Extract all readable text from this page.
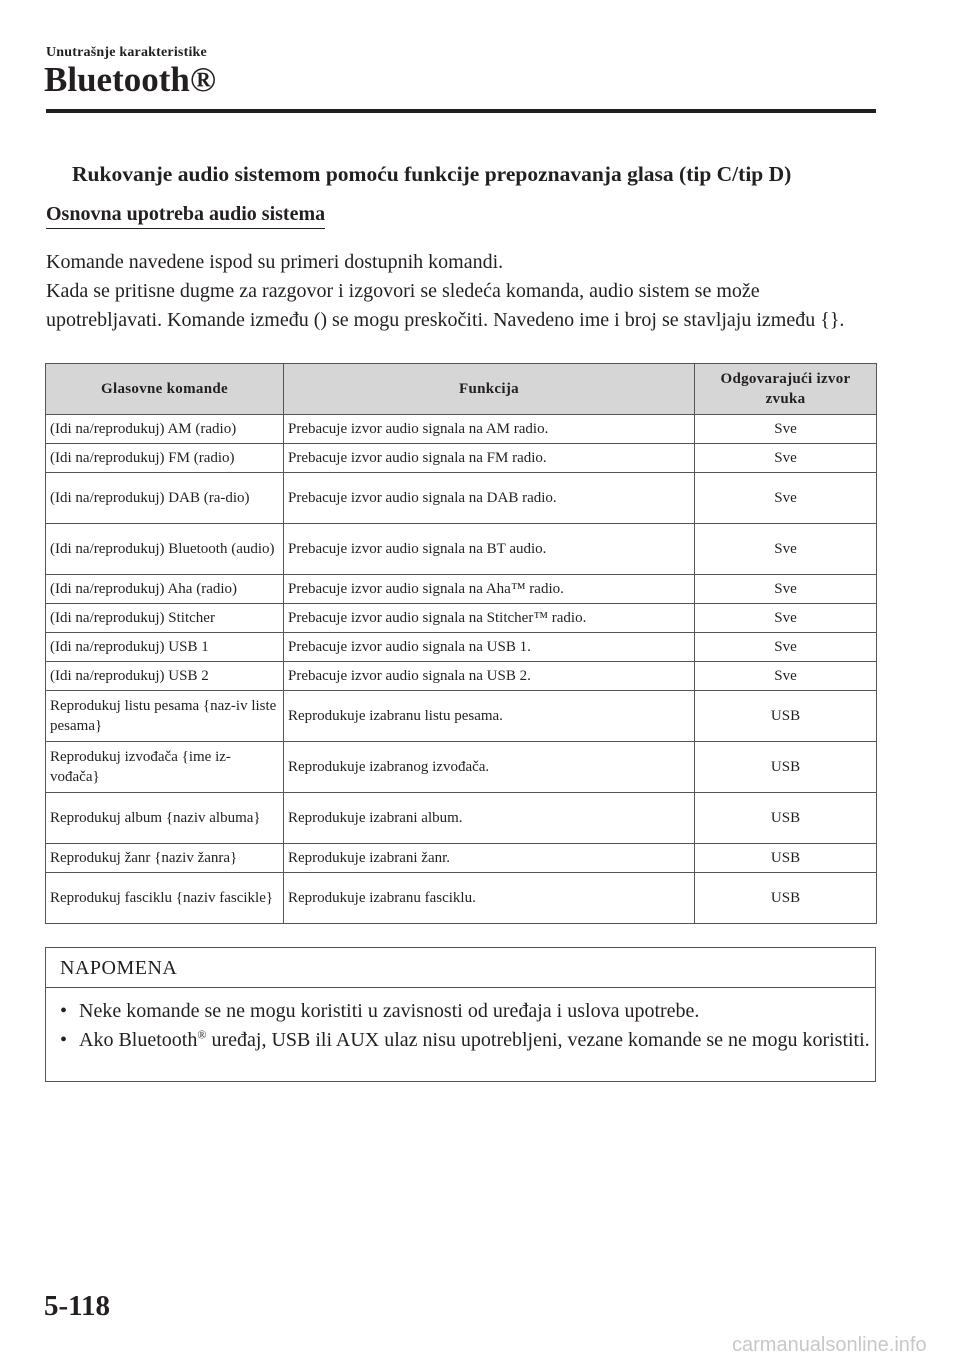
Unutrašnje karakteristike
Bluetooth®
Rukovanje audio sistemom pomoću funkcije prepoznavanja glasa (tip C/tip D)
Osnovna upotreba audio sistema

Komande navedene ispod su primeri dostupnih komandi.

Kada se pritisne dugme za razgovor i izgovori se sledeća komanda, audio sistem se može upotrebljavati. Komande između () se mogu preskočiti. Navedeno ime i broj se stavljaju između {}.

Glasovne komande	Funkcija	Odgovarajući izvor zvuka
(Idi na/reprodukuj) AM (radio)	Prebacuje izvor audio signala na AM radio.	Sve
(Idi na/reprodukuj) FM (radio)	Prebacuje izvor audio signala na FM radio.	Sve
(Idi na/reprodukuj) DAB (ra-dio)	Prebacuje izvor audio signala na DAB radio.	Sve
(Idi na/reprodukuj) Bluetooth (audio)	Prebacuje izvor audio signala na BT audio.	Sve
(Idi na/reprodukuj) Aha (radio)	Prebacuje izvor audio signala na Aha™ radio.	Sve
(Idi na/reprodukuj) Stitcher	Prebacuje izvor audio signala na Stitcher™ radio.	Sve
(Idi na/reprodukuj) USB 1	Prebacuje izvor audio signala na USB 1.	Sve
(Idi na/reprodukuj) USB 2	Prebacuje izvor audio signala na USB 2.	Sve
Reprodukuj listu pesama {naz-iv liste pesama}	Reprodukuje izabranu listu pesama.	USB
Reprodukuj izvođača {ime iz-vođača}	Reprodukuje izabranog izvođača.	USB
Reprodukuj album {naziv albuma}	Reprodukuje izabrani album.	USB
Reprodukuj žanr {naziv žanra}	Reprodukuje izabrani žanr.	USB
Reprodukuj fasciklu {naziv fascikle}	Reprodukuje izabranu fasciklu.	USB
NAPOMENA
• Neke komande se ne mogu koristiti u zavisnosti od uređaja i uslova upotrebe.
• Ako Bluetooth® uređaj, USB ili AUX ulaz nisu upotrebljeni, vezane komande se ne mogu koristiti.
5-118
carmanualsonline.info
